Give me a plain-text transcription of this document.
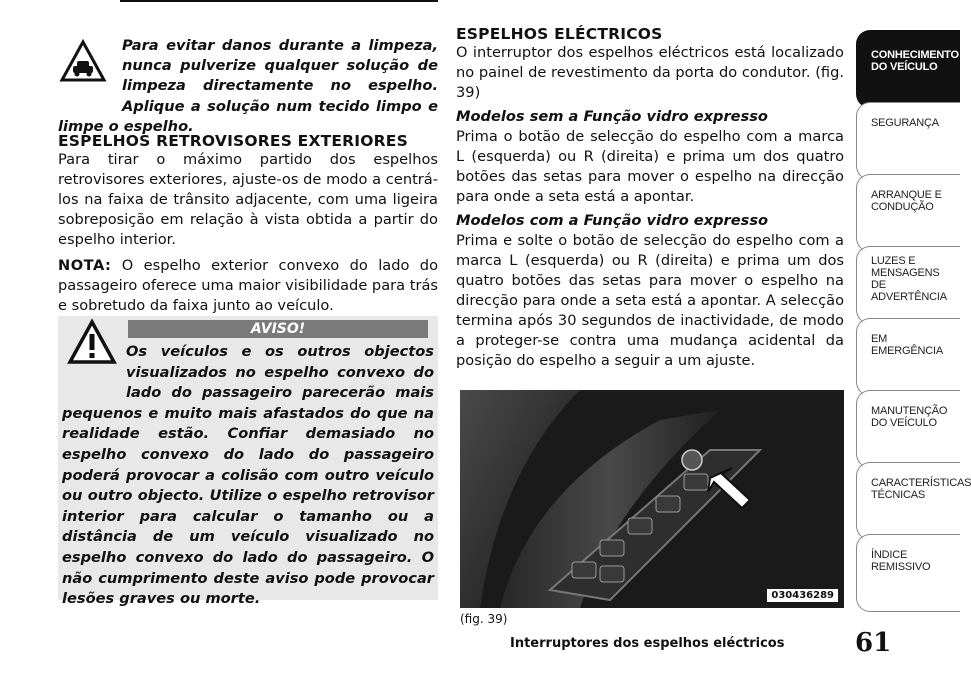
Para evitar danos durante a limpeza, nunca pulverize qualquer solução de limpeza directamente no espelho. Aplique a solução num tecido limpo e limpe o espelho.
ESPELHOS RETROVISORES EXTERIORES

Para tirar o máximo partido dos espelhos retrovisores exteriores, ajuste-os de modo a centrá-los na faixa de trânsito adjacente, com uma ligeira sobreposição em relação à vista obtida a partir do espelho interior.

NOTA: O espelho exterior convexo do lado do passageiro oferece uma maior visibilidade para trás e sobretudo da faixa junto ao veículo.

AVISO!
Os veículos e os outros objectos visualizados no espelho convexo do lado do passageiro parecerão mais pequenos e muito mais afastados do que na realidade estão. Confiar demasiado no espelho convexo do lado do passageiro poderá provocar a colisão com outro veículo ou outro objecto. Utilize o espelho retrovisor interior para calcular o tamanho ou a distância de um veículo visualizado no espelho convexo do lado do passageiro. O não cumprimento deste aviso pode provocar lesões graves ou morte.
ESPELHOS ELÉCTRICOS

O interruptor dos espelhos eléctricos está localizado no painel de revestimento da porta do condutor. (fig. 39)

Modelos sem a Função vidro expresso

Prima o botão de selecção do espelho com a marca L (esquerda) ou R (direita) e prima um dos quatro botões das setas para mover o espelho na direcção para onde a seta está a apontar.

Modelos com a Função vidro expresso

Prima e solte o botão de selecção do espelho com a marca L (esquerda) ou R (direita) e prima um dos quatro botões das setas para mover o espelho na direcção para onde a seta está a apontar. A selecção termina após 30 segundos de inactividade, de modo a proteger-se contra uma mudança acidental da posição do espelho a seguir a um ajuste.

030436289
(fig. 39)
Interruptores dos espelhos eléctricos	61
CONHECIMENTO DO VEÍCULO
SEGURANÇA
ARRANQUE E CONDUÇÃO
LUZES E MENSAGENS DE ADVERTÊNCIA
EM EMERGÊNCIA
MANUTENÇÃO DO VEÍCULO
CARACTERÍSTICAS TÉCNICAS
ÍNDICE REMISSIVO
